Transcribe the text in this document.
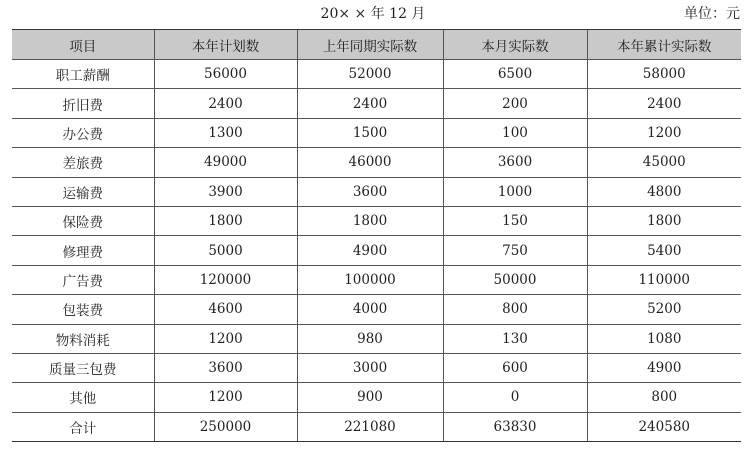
20× × 年 12 月	单位：元
项目	本年计划数	上年同期实际数	本月实际数	本年累计实际数
职工薪酬	56000	52000	6500	58000
折旧费	2400	2400	200	2400
办公费	1300	1500	100	1200
差旅费	49000	46000	3600	45000
运输费	3900	3600	1000	4800
保险费	1800	1800	150	1800
修理费	5000	4900	750	5400
广告费	120000	100000	50000	110000
包装费	4600	4000	800	5200
物料消耗	1200	980	130	1080
质量三包费	3600	3000	600	4900
其他	1200	900	0	800
合计	250000	221080	63830	240580
